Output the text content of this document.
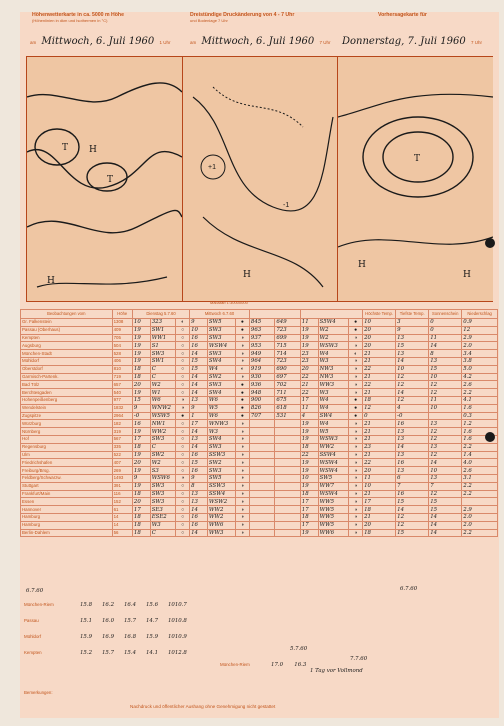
Höhenwetterkarte in ca. 5000 m Höhe
(Höhenlinien in dkm und Isothermen in °C)
Dreistündige Druckänderung von 4 - 7 Uhr
und Bodenlage 7 Uhr
Vorhersagekarte für
am Mittwoch, 6. Juli 1960 1 Uhr	am Mittwoch, 6. Juli 1960 7 Uhr	Donnerstag, 7. Juli 1960 7 Uhr
T H
T
H
+1
H
-1
T
H
H
Maßstab 1:30000000
Beobachtungen vom	Höhe	Dienstag 5.7.60			Mittwoch 6.7.60								Höchste Temp.	Tiefste Temp.	Sonnenschein	Niederschlag
Gr. Falkenstein	1308	10	323	◐	9	SW5	●	845	649	11	S5W4	●	10	3	0	0.9
Passau (Oberhaus)	409	19	SW1	○	10	SW3	●	963	723	19	W2	●	20	9	0	12
Kempten	705	19	WW1	○	16	SW3	◑	937	699	19	W2	◑	20	13	11	2.9
Augsburg	504	19	S1	○	16	WSW4	◑	953	715	19	WSW3	◑	20	15	14	2.0
München-Stadt	528	19	SW3	○	14	SW3	◑	949	714	23	W4	◐	21	13	8	3.4
Mühldorf	406	19	SW1	○	15	SW4	◑	964	723	23	W3	◑	21	14	13	3.8
Oberstdorf	810	18	C	○	15	W4	◐	919	690	20	NW3	◑	22	10	15	5.0
Garmisch-Partenk.	719	18	C	○	14	SW2	◑	930	697	22	NW3	◑	21	12	10	4.2
Bad Tölz	657	20	W2	○	14	SW3	●	936	702	21	WW3	◑	22	12	12	2.6
Berchtesgaden	540	19	W1	○	14	SW4	●	948	711	22	W3	◑	21	14	12	2.2
Hohenpeißenberg	977	15	W6	◑	13	W6	●	900	675	17	W4	●	18	12	11	4.1
Wendelstein	1832	9	WNW2	◑	9	W5	●	826	618	11	W4	●	12	4	10	1.6
Zugspitze	2964	-0	WSW5	●	1	W6	●	707	531	4	SW4	●	0	-0		0.3
Würzburg	182	16	NW1	○	17	WNW3	◑			19	W4	◑	21	16	13	1.2
Nürnberg	319	19	WW2	○	14	W3	◑			19	W5	◑	21	13	12	1.6
Hof	567	17	SW3	○	13	SW4	◑			19	WSW3	◑	21	13	12	1.6
Regensburg	335	18	C	○	14	SW3	◑			18	WW2	◑	23	14	13	2.2
Ulm	522	19	SW2	○	16	SSW3	◑			22	SSW4	◑	21	13	12	1.4
Friedrichshafen	407	20	W2	○	15	SW2	◑			19	WSW4	◑	22	16	14	4.0
Freiburg/Brsg.	269	19	S3	○	16	SW3	◑			19	WSW4	◑	20	13	10	2.6
Feldberg/Schwarzw.	1493	9	WSW6	◑	9	SW5	◑			10	SW5	◑	11	6	13	3.1
Stuttgart	391	19	SW3	○	8	SSW3	◑			19	WW7	◑	10	7	7	2.2
Frankfurt/Main	116	18	SW3	○	13	SSW4	◑			18	WSW4	◑	21	16	12	2.2
Essen	152	20	SW3	○	13	WSW2	◑			17	WW5	◑	17	15	15	
Hannover	61	17	SE3	○	14	WW2	◑			17	WW5	◑	18	14	15	2.9
Hamburg	14	18	ESE2	○	16	WW2	◑			18	WW5	◑	21	12	14	2.0
Hamburg	14	18	W3	○	16	WW6	◑			17	WW5	◑	20	12	14	2.0
Berlin-Dahlem	56	18	C	○	14	WW3	◑			19	WW6	◑	18	15	14	2.2
6.7.60
München-Riem	15.8 16.2 16.4 15.6 1010.7
Passau	15.1 16.0 15.7 14.7 1010.8
Mühldorf	15.9 16.9 16.8 15.9 1010.9
Kempten	15.2 15.7 15.4 14.1 1012.8
München-Riem	17.0 16.3
1 Tag vor Vollmond
6.7.60
5.7.60
7.7.60
Bemerkungen:
Nachdruck und öffentlicher Aushang ohne Genehmigung nicht gestattet
